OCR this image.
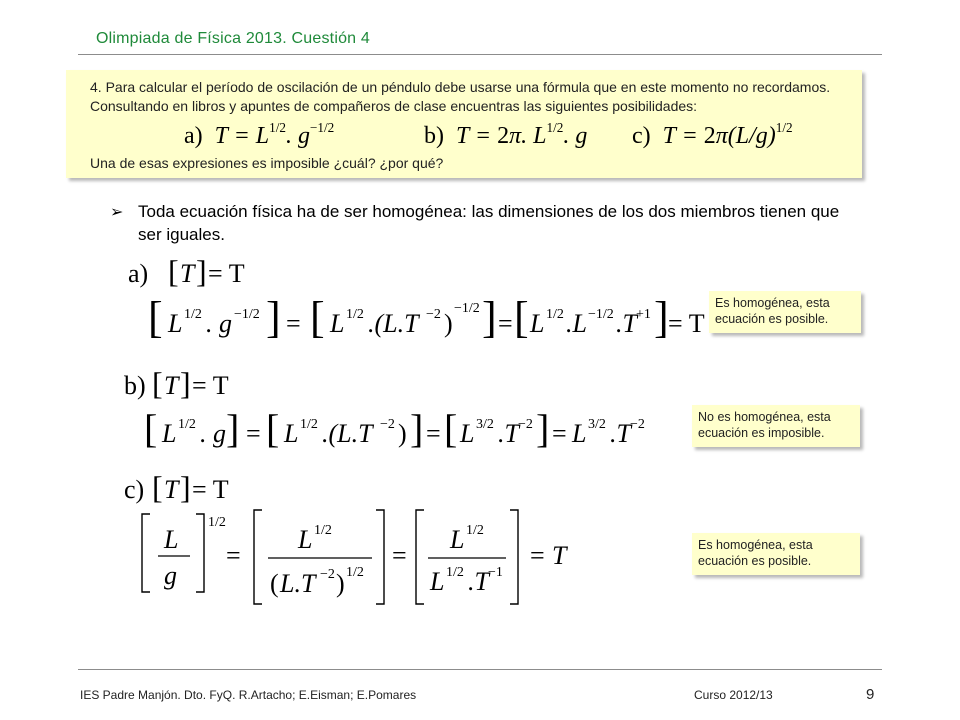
Olimpiada de Física 2013. Cuestión 4
4. Para calcular el período de oscilación de un péndulo debe usarse una fórmula que en este momento no recordamos. Consultando en libros y apuntes de compañeros de clase encuentras las siguientes posibilidades:
a)  $T = L^{1/2}$. $g^{-1/2}$	b)  T = 2π. $L^{1/2}$. g c)  $T = 2\pi(L/g)^{1/2}$
Una de esas expresiones es imposible ¿cuál? ¿por qué?
➢ Toda ecuación física ha de ser homogénea: las dimensiones de los dos miembros tienen que ser iguales.
a) [ T ] = T
[ L 1/2 . g −1/2 ] = [ L 1/2 .(L.T −2 )
−1/2 ] = [ L 1/2 .L −1/2 .T +1 ] = T
Es homogénea, esta ecuación es posible.
b) [ T ] = T
[ L 1/2 . g ] = [ L 1/2 .(L.T −2 ) ] = [ L 3/2 .T −2 ] = L 3/2 .T −2	No es homogénea, esta ecuación es imposible.
c) [ T ] = T
L
g
1/2
=
L 1/2
( L.T −2 ) 1/2
=
L 1/2
L 1/2 .T −1
= T	Es homogénea, esta ecuación es posible.
IES Padre Manjón. Dto. FyQ. R.Artacho; E.Eisman; E.Pomares	Curso 2012/13	9
